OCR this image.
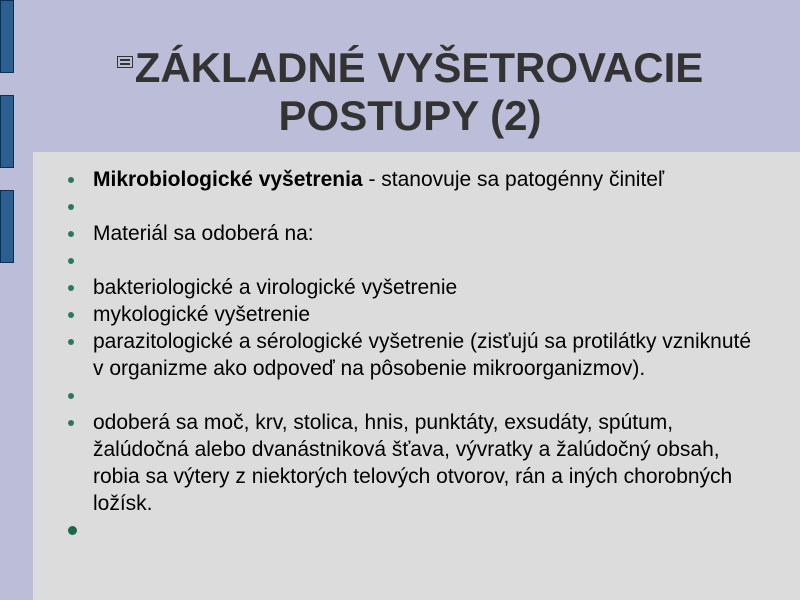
ZÁKLADNÉ VYŠETROVACIE
POSTUPY (2)
Mikrobiologické vyšetrenia - stanovuje sa patogénny činiteľ
Materiál sa odoberá na:
bakteriologické a virologické vyšetrenie
mykologické vyšetrenie
parazitologické a sérologické vyšetrenie (zisťujú sa protilátky vzniknuté v organizme ako odpoveď na pôsobenie mikroorganizmov).
odoberá sa moč, krv, stolica, hnis, punktáty, exsudáty, spútum, žalúdočná alebo dvanástniková šťava, vývratky a žalúdočný obsah, robia sa výtery z niektorých telových otvorov, rán a iných chorobných ložísk.
